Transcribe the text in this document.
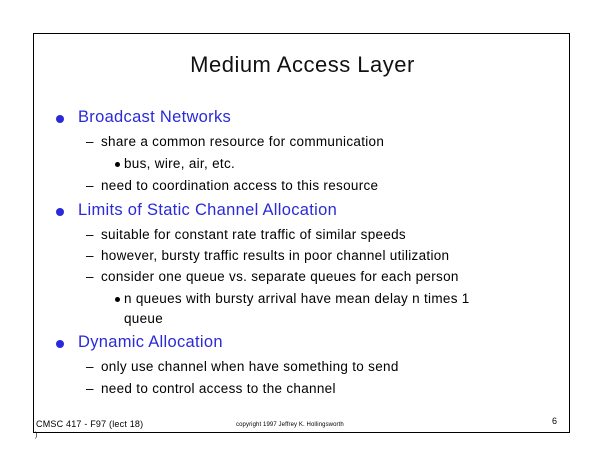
Medium Access Layer
Broadcast Networks
– share a common resource for communication
bus, wire, air, etc.
– need to coordination access to this resource
Limits of Static Channel Allocation
– suitable for constant rate traffic of similar speeds
– however, bursty traffic results in poor channel utilization
– consider one queue vs. separate queues for each person
n queues with bursty arrival have mean delay n times 1
queue
Dynamic Allocation
– only use channel when have something to send
– need to control access to the channel
CMSC 417 - F97 (lect 18)	copyright 1997 Jeffrey K. Hollingsworth	6
)
